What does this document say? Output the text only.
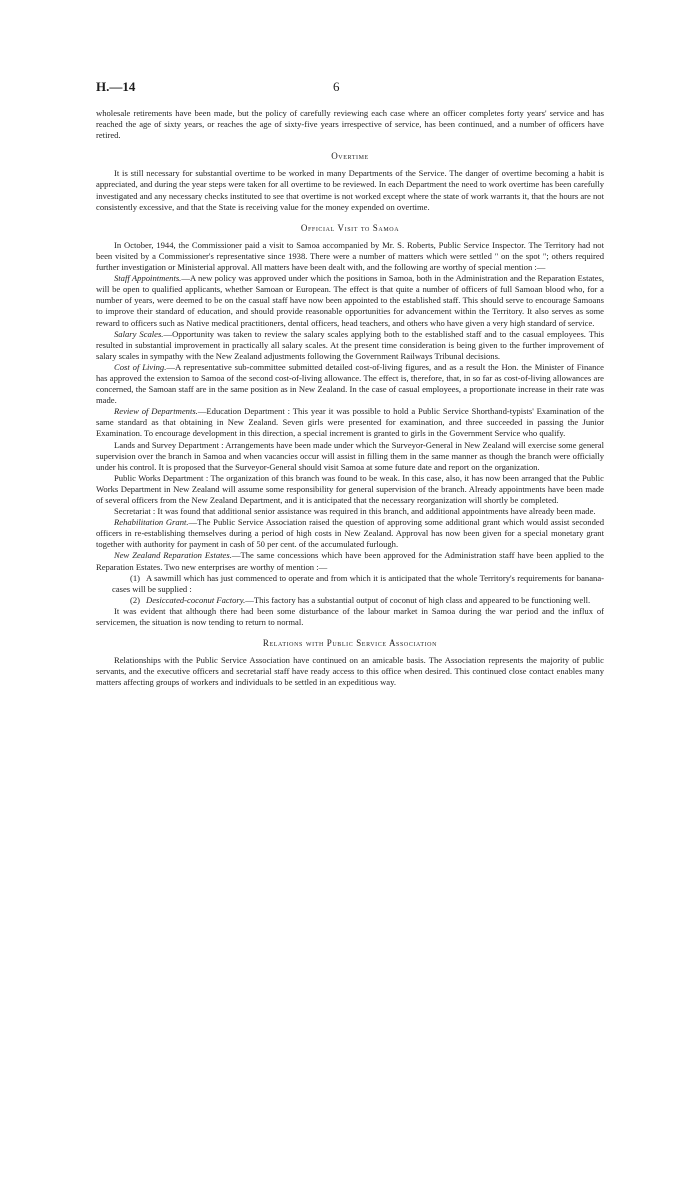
H.—14	6

wholesale retirements have been made, but the policy of carefully reviewing each case where an officer completes forty years' service and has reached the age of sixty years, or reaches the age of sixty-five years irrespective of service, has been continued, and a number of officers have retired.

Overtime

It is still necessary for substantial overtime to be worked in many Departments of the Service. The danger of overtime becoming a habit is appreciated, and during the year steps were taken for all overtime to be reviewed. In each Department the need to work overtime has been carefully investigated and any necessary checks instituted to see that overtime is not worked except where the state of work warrants it, that the hours are not consistently excessive, and that the State is receiving value for the money expended on overtime.

Official Visit to Samoa

In October, 1944, the Commissioner paid a visit to Samoa accompanied by Mr. S. Roberts, Public Service Inspector. The Territory had not been visited by a Commissioner's representative since 1938. There were a number of matters which were settled " on the spot "; others required further investigation or Ministerial approval. All matters have been dealt with, and the following are worthy of special mention :—

Staff Appointments.—A new policy was approved under which the positions in Samoa, both in the Administration and the Reparation Estates, will be open to qualified applicants, whether Samoan or European. The effect is that quite a number of officers of full Samoan blood who, for a number of years, were deemed to be on the casual staff have now been appointed to the established staff. This should serve to encourage Samoans to improve their standard of education, and should provide reasonable opportunities for advancement within the Territory. It also serves as some reward to officers such as Native medical practitioners, dental officers, head teachers, and others who have given a very high standard of service.

Salary Scales.—Opportunity was taken to review the salary scales applying both to the established staff and to the casual employees. This resulted in substantial improvement in practically all salary scales. At the present time consideration is being given to the further improvement of salary scales in sympathy with the New Zealand adjustments following the Government Railways Tribunal decisions.

Cost of Living.—A representative sub-committee submitted detailed cost-of-living figures, and as a result the Hon. the Minister of Finance has approved the extension to Samoa of the second cost-of-living allowance. The effect is, therefore, that, in so far as cost-of-living allowances are concerned, the Samoan staff are in the same position as in New Zealand. In the case of casual employees, a proportionate increase in their rate was made.

Review of Departments.—Education Department : This year it was possible to hold a Public Service Shorthand-typists' Examination of the same standard as that obtaining in New Zealand. Seven girls were presented for examination, and three succeeded in passing the Junior Examination. To encourage development in this direction, a special increment is granted to girls in the Government Service who qualify.

Lands and Survey Department : Arrangements have been made under which the Surveyor-General in New Zealand will exercise some general supervision over the branch in Samoa and when vacancies occur will assist in filling them in the same manner as though the branch were officially under his control. It is proposed that the Surveyor-General should visit Samoa at some future date and report on the organization.

Public Works Department : The organization of this branch was found to be weak. In this case, also, it has now been arranged that the Public Works Department in New Zealand will assume some responsibility for general supervision of the branch. Already appointments have been made of several officers from the New Zealand Department, and it is anticipated that the necessary reorganization will shortly be completed.

Secretariat : It was found that additional senior assistance was required in this branch, and additional appointments have already been made.

Rehabilitation Grant.—The Public Service Association raised the question of approving some additional grant which would assist seconded officers in re-establishing themselves during a period of high costs in New Zealand. Approval has now been given for a special monetary grant together with authority for payment in cash of 50 per cent. of the accumulated furlough.

New Zealand Reparation Estates.—The same concessions which have been approved for the Administration staff have been applied to the Reparation Estates. Two new enterprises are worthy of mention :—

(1) A sawmill which has just commenced to operate and from which it is anticipated that the whole Territory's requirements for banana-cases will be supplied :

(2) Desiccated-coconut Factory.—This factory has a substantial output of coconut of high class and appeared to be functioning well.

It was evident that although there had been some disturbance of the labour market in Samoa during the war period and the influx of servicemen, the situation is now tending to return to normal.

Relations with Public Service Association

Relationships with the Public Service Association have continued on an amicable basis. The Association represents the majority of public servants, and the executive officers and secretarial staff have ready access to this office when desired. This continued close contact enables many matters affecting groups of workers and individuals to be settled in an expeditious way.
